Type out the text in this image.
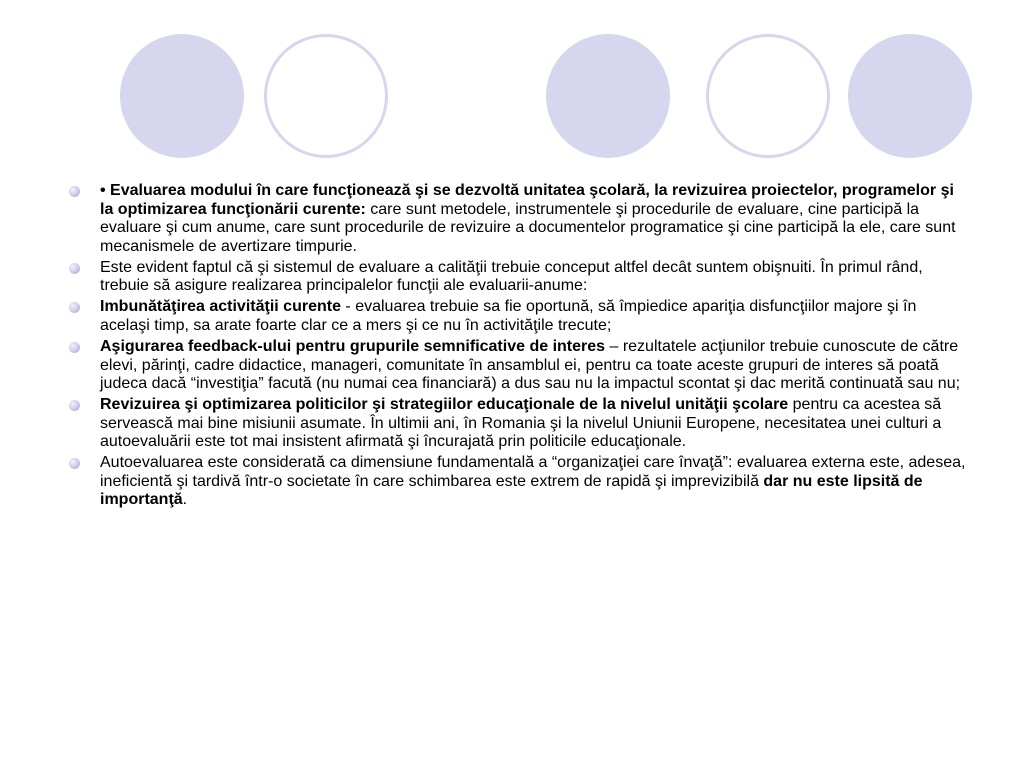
• Evaluarea modului în care funcţionează şi se dezvoltă unitatea şcolară, la revizuirea proiectelor, programelor şi la optimizarea funcţionării curente: care sunt metodele, instrumentele şi procedurile de evaluare, cine participă la evaluare şi cum anume, care sunt procedurile de revizuire a documentelor programatice şi cine participă la ele, care sunt mecanismele de avertizare timpurie.
Este evident faptul că şi sistemul de evaluare a calităţii trebuie conceput altfel decât suntem obişnuiti. În primul rând, trebuie să asigure realizarea principalelor funcţii ale evaluarii-anume:
Imbunătăţirea activităţii curente - evaluarea trebuie sa fie oportună, să împiedice apariţia disfuncţiilor majore şi în acelaşi timp, sa arate foarte clar ce a mers şi ce nu în activităţile trecute;
Aşigurarea feedback-ului pentru grupurile semnificative de interes – rezultatele acţiunilor trebuie cunoscute de către elevi, părinţi, cadre didactice, manageri, comunitate în ansamblul ei, pentru ca toate aceste grupuri de interes să poată judeca dacă “investiţia” facută (nu numai cea financiară) a dus sau nu la impactul scontat şi dac merită continuată sau nu;
Revizuirea şi optimizarea politicilor şi strategiilor educaţionale de la nivelul unităţii şcolare pentru ca acestea să servească mai bine misiunii asumate. În ultimii ani, în Romania şi la nivelul Uniunii Europene, necesitatea unei culturi a autoevaluării este tot mai insistent afirmată şi încurajată prin politicile educaţionale.
Autoevaluarea este considerată ca dimensiune fundamentală a “organizaţiei care învaţă”: evaluarea externa este, adesea, ineficientă şi tardivă într-o societate în care schimbarea este extrem de rapidă şi imprevizibilă dar nu este lipsită de importanţă.
